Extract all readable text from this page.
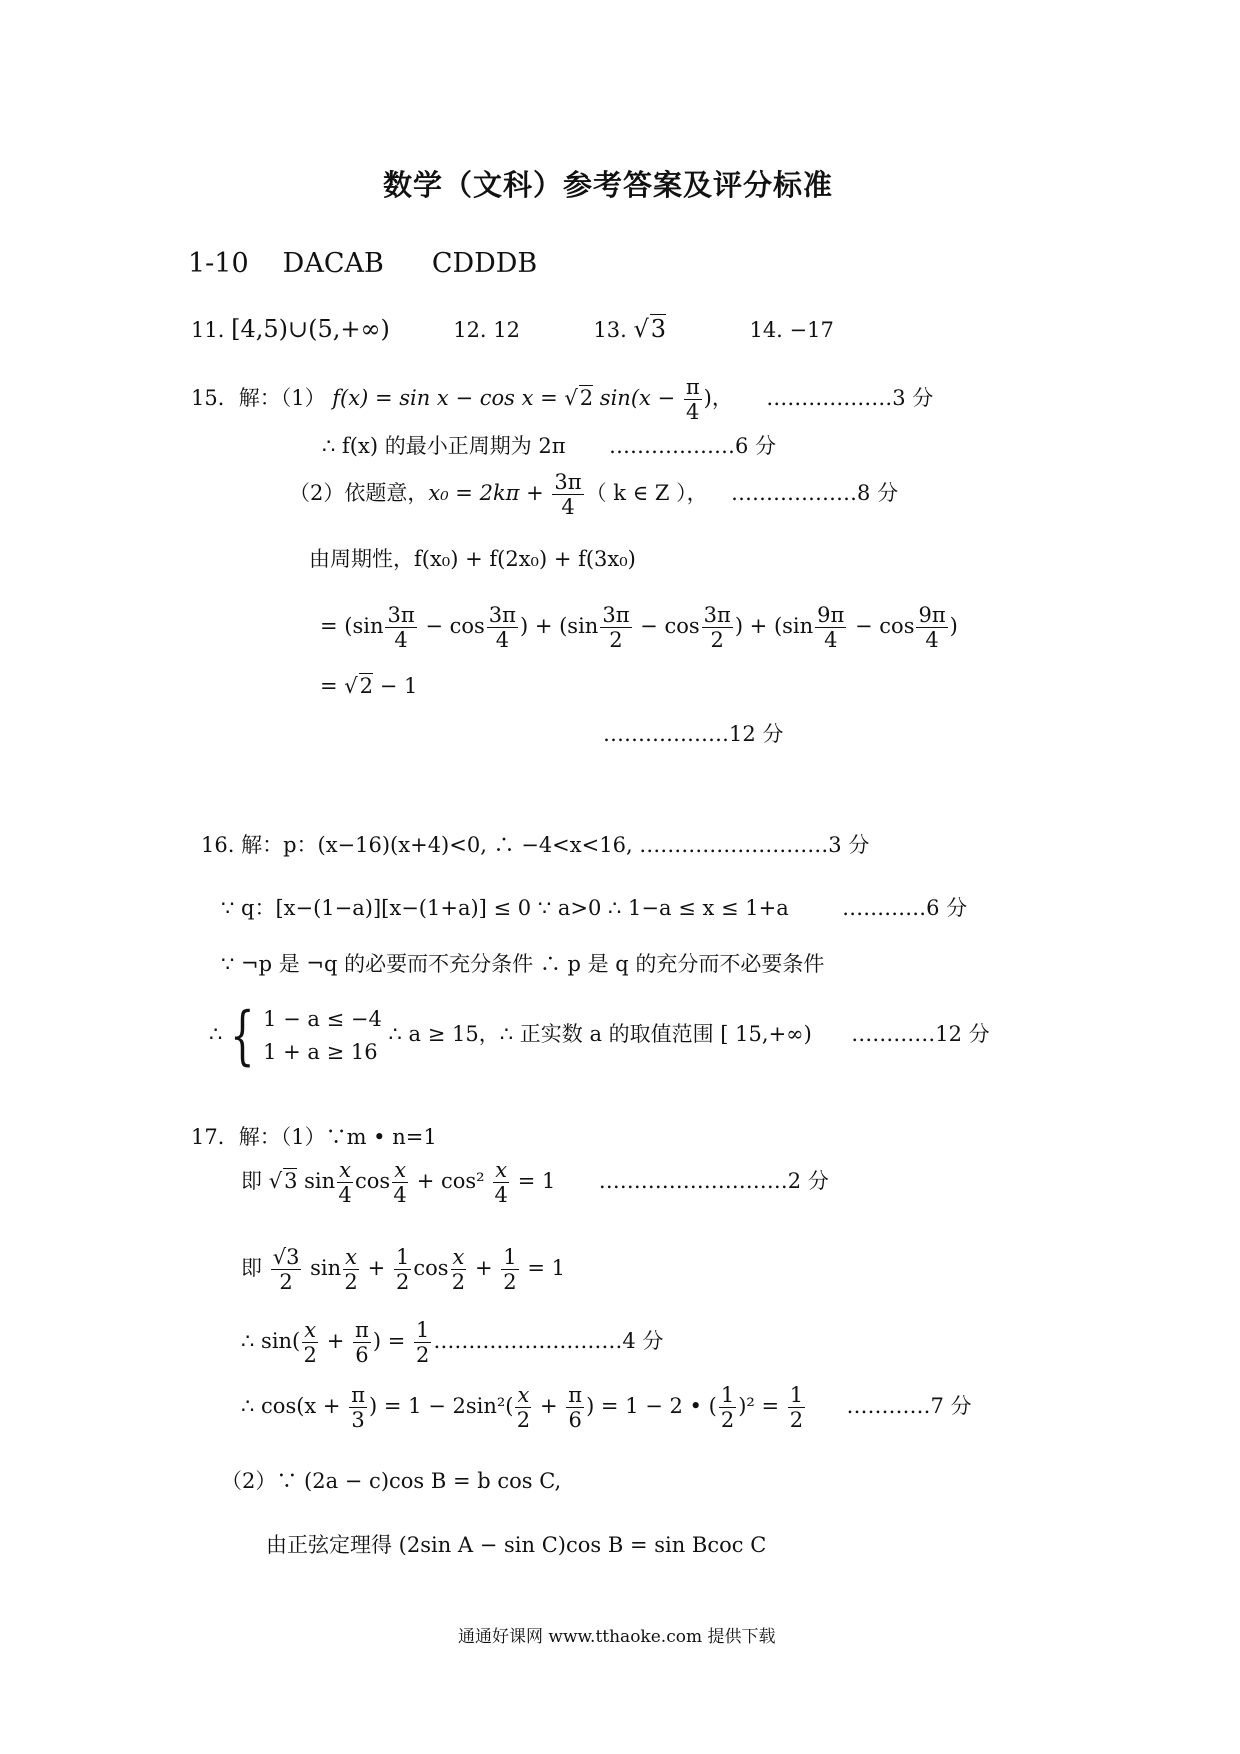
数学（文科）参考答案及评分标准
1-10 DACAB CDDDB
11. [4,5)∪(5,+∞)	12. 12	13. √3	14. −17
15．解：（1） f(x) = sin x − cos x = √2 $\sin(x - \frac{\pi}{4}$ )， ………………3 分
∴ f(x) 的最小正周期为 2π ………………6 分
（2）依题意，$x_0 = 2k\pi + \frac{3\pi}{4}$ （ k ∈ Z ）， ………………8 分
由周期性，f(x₀) + f(2x₀) + f(3x₀)
= ($\sin \frac{3\pi}{4} - \cos \frac{3\pi}{4}$ ) + ($\sin \frac{3\pi}{2} - \cos \frac{3\pi}{2}$ ) + ($\sin \frac{9\pi}{4} - \cos \frac{9\pi}{4}$ )
= √2 − 1
………………12 分
16. 解：p：(x−16)(x+4)<0, ∴ −4<x<16, ………………………3 分
∵ q：[x−(1−a)][x−(1+a)] ≤ 0 ∵ a>0 ∴ 1−a ≤ x ≤ 1+a	…………6 分
∵ ¬p 是 ¬q 的必要而不充分条件 ∴ p 是 q 的充分而不必要条件
∴ { 1 − a ≤ −4
1 + a ≥ 16
∴ a ≥ 15，∴ 正实数 a 的取值范围 [ 15,+∞) …………12 分
17．解：（1）∵m • n=1
即 √3 $\sin \frac{x}{4}$ $\cos \frac{x}{4} + \cos^2 \frac{x}{4} = 1$ ………………………2 分
即 $\frac{√3}{2}$ $\sin \frac{x}{2} + \frac{1}{2}$ $\cos \frac{x}{2} + \frac{1}{2} = 1$
∴ $\sin( \frac{x}{2} + \frac{\pi}{6}$ ) = $\frac{1}{2}$ ………………………4 分
∴ $\cos(x + \frac{\pi}{3}$ ) = $1 - 2\sin^2( \frac{x}{2} + \frac{\pi}{6}$ ) = 1 − 2 • ( $\frac{1}{2} )^2 = \frac{1}{2}$ …………7 分
（2）∵ (2a − c)cos B = b cos C,
由正弦定理得 (2sin A − sin C)cos B = sin Bcoc C
通通好课网 www.tthaoke.com 提供下载
